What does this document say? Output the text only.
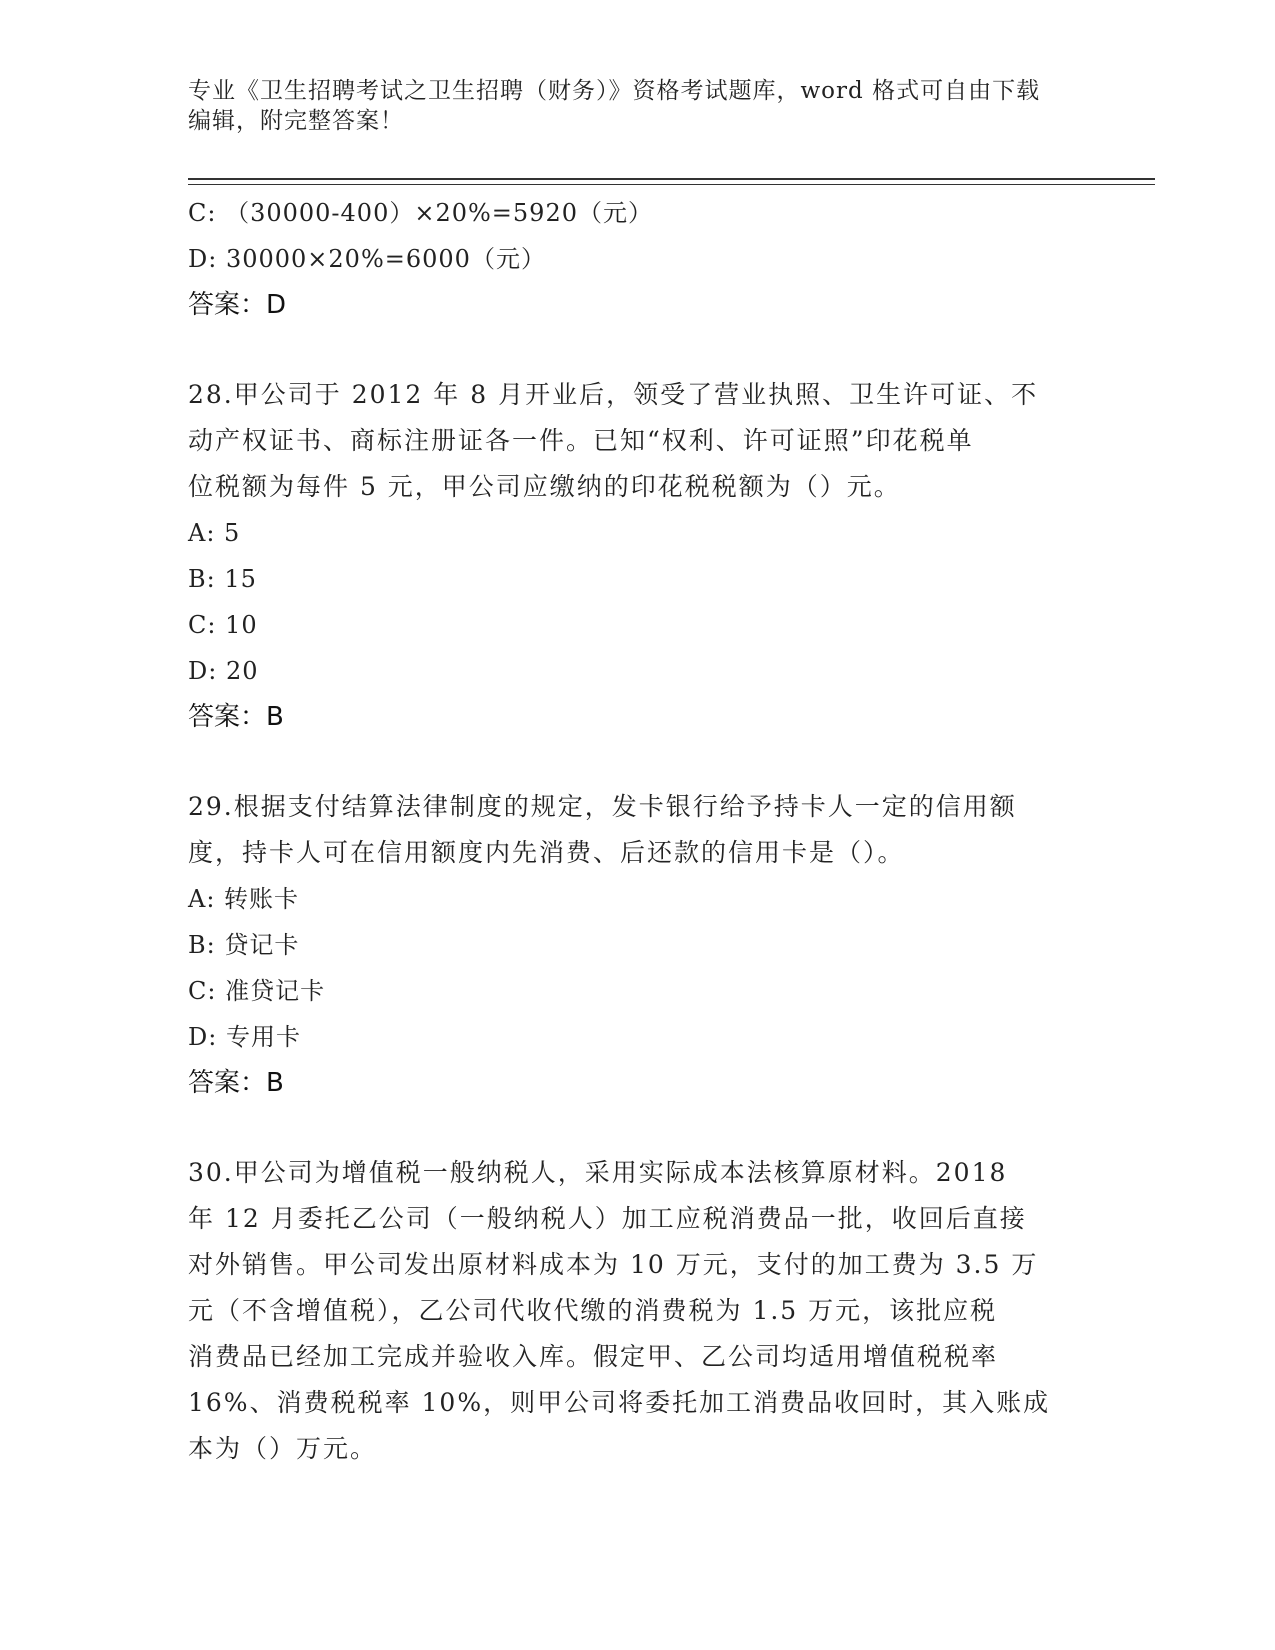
专业《卫生招聘考试之卫生招聘（财务）》资格考试题库，word 格式可自由下载
编辑，附完整答案！
C: （30000-400）×20%=5920（元）
D: 30000×20%=6000（元）
答案：D
28.甲公司于 2012 年 8 月开业后，领受了营业执照、卫生许可证、不
动产权证书、商标注册证各一件。已知“权利、许可证照”印花税单
位税额为每件 5 元，甲公司应缴纳的印花税税额为（）元。
A: 5
B: 15
C: 10
D: 20
答案：B
29.根据支付结算法律制度的规定，发卡银行给予持卡人一定的信用额
度，持卡人可在信用额度内先消费、后还款的信用卡是（）。
A: 转账卡
B: 贷记卡
C: 准贷记卡
D: 专用卡
答案：B
30.甲公司为增值税一般纳税人，采用实际成本法核算原材料。2018
年 12 月委托乙公司（一般纳税人）加工应税消费品一批，收回后直接
对外销售。甲公司发出原材料成本为 10 万元，支付的加工费为 3.5 万
元（不含增值税），乙公司代收代缴的消费税为 1.5 万元，该批应税
消费品已经加工完成并验收入库。假定甲、乙公司均适用增值税税率
16%、消费税税率 10%，则甲公司将委托加工消费品收回时，其入账成
本为（）万元。
